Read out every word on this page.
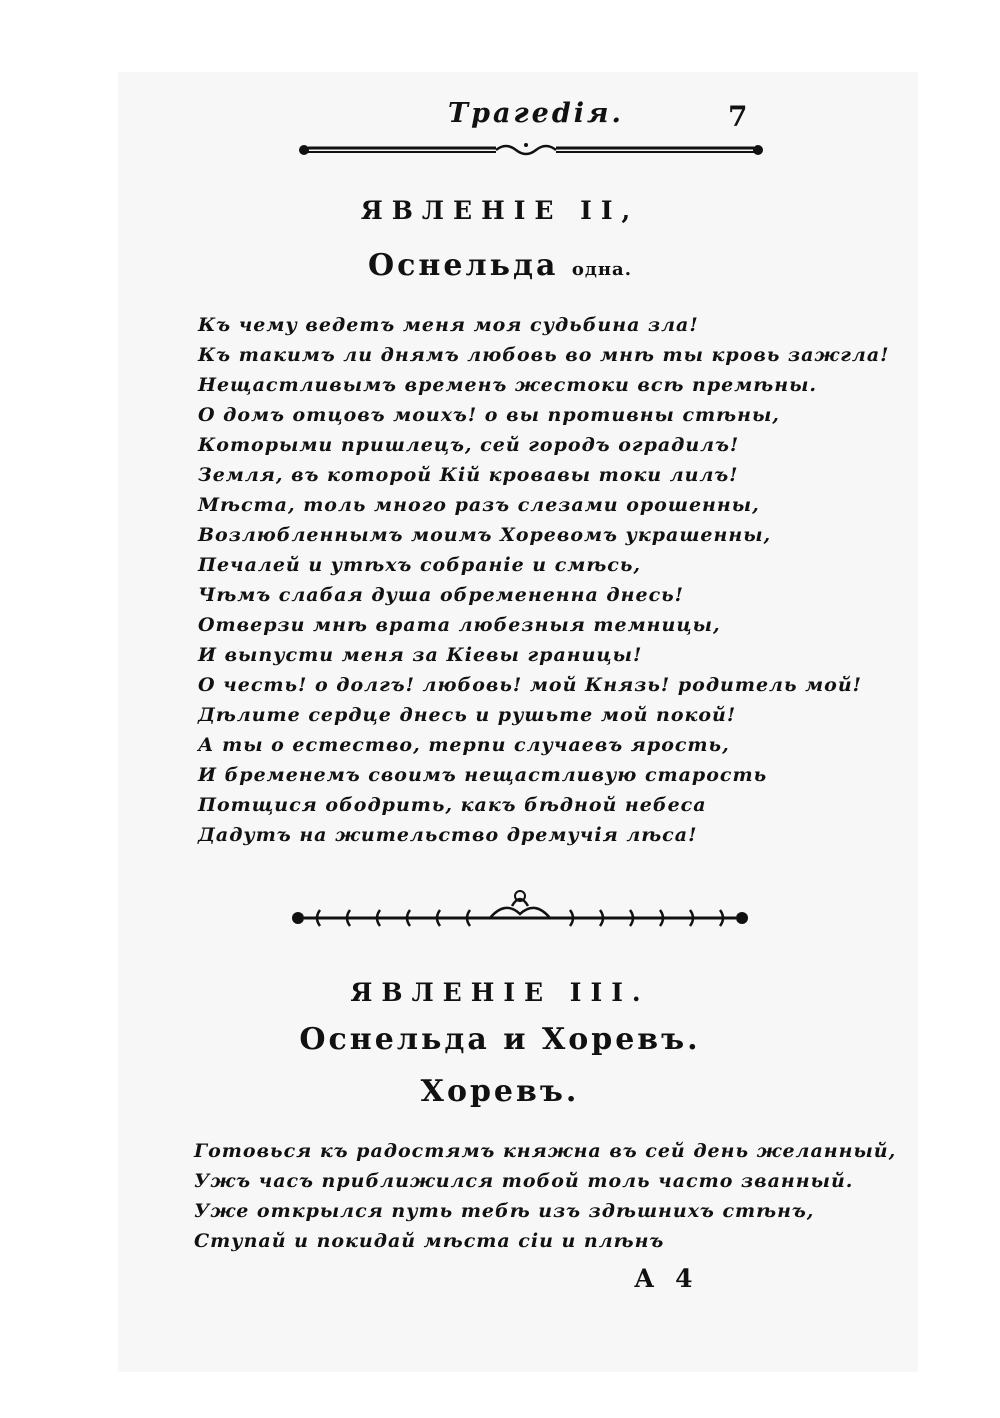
Трагеdія.	7
ЯВЛЕНІЕ II,
Оснельда одна.
Къ чему ведетъ меня моя судьбина зла!
Къ такимъ ли днямъ любовь во мнѣ ты кровь зажгла!
Нещастливымъ временъ жестоки всѣ премѣны.
О домъ отцовъ моихъ! о вы противны стѣны,
Которыми пришлецъ, сей городъ оградилъ!
Земля, въ которой Кій кровавы токи лилъ!
Мѣста, толь много разъ слезами орошенны,
Возлюбленнымъ моимъ Хоревомъ украшенны,
Печалей и утѣхъ собраніе и смѣсь,
Чѣмъ слабая душа обремененна днесь!
Отверзи мнѣ врата любезныя темницы,
И выпусти меня за Кіевы границы!
О честь! о долгъ! любовь! мой Князь! родитель мой!
Дѣлите сердце днесь и рушьте мой покой!
А ты о естество, терпи случаевъ ярость,
И бременемъ своимъ нещастливую старость
Потщися ободрить, какъ бѣдной небеса
Дадутъ на жительство дремучія лѣса!
ЯВЛЕНІЕ III.
Оснельда и Хоревъ.
Хоревъ.
Готовься къ радостямъ княжна въ сей день желанный,
Ужъ часъ приближился тобой толь часто званный.
Уже открылся путь тебѣ изъ здѣшнихъ стѣнъ,
Ступай и покидай мѣста сіи и плѣнъ
А 4
